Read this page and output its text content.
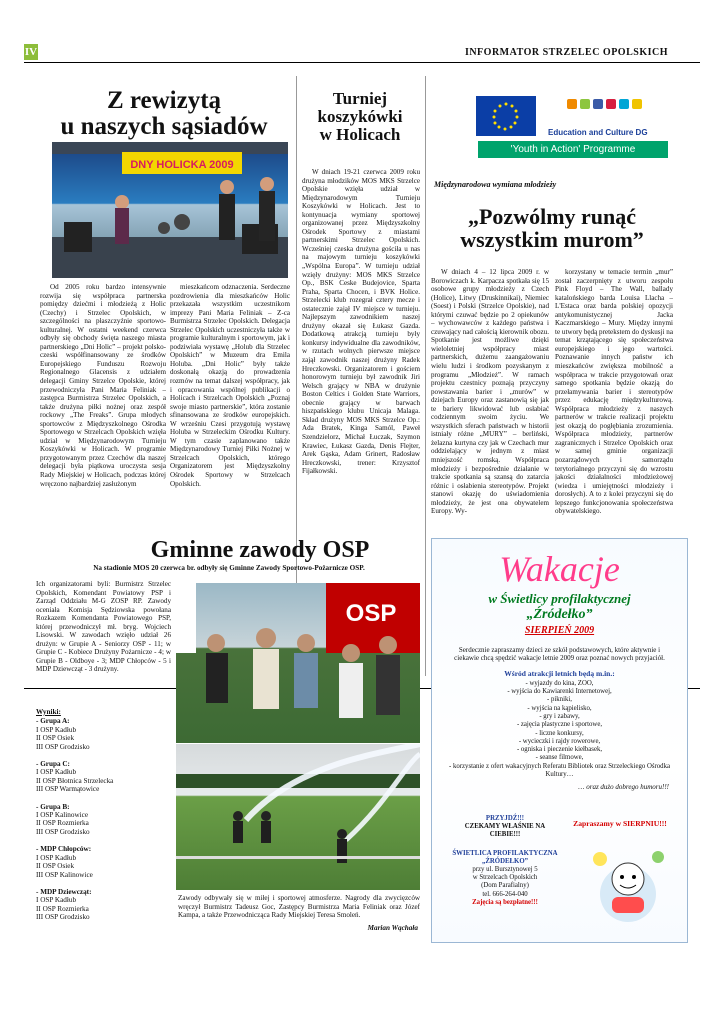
IV	INFORMATOR STRZELEC OPOLSKICH
Z rewizytą
u naszych sąsiadów
DNY HOLICKA 2009

Od 2005 roku bardzo intensywnie rozwija się współpraca partnerska pomiędzy dziećmi i młodzieżą z Holic (Czechy) i Strzelec Opolskich, w szczególności na płaszczyźnie sportowo-kulturalnej. W ostatni weekend czerwca odbyły się obchody święta naszego miasta partnerskiego „Dni Holic” – projekt polsko-czeski współfinansowany ze środków Europejskiego Funduszu Rozwoju Regionalnego Glacensis z udziałem delegacji Gminy Strzelce Opolskie, której przewodniczyła Pani Maria Feliniak – zastępca Burmistrza Strzelec Opolskich, a także drużyna piłki nożnej oraz zespół rockowy „The Freaks”. Grupa młodych sportowców z Międzyszkolnego Ośrodka Sportowego w Strzelcach Opolskich wzięła udział w Międzynarodowym Turnieju Koszykówki w Holicach. W programie przygotowanym przez Czechów dla naszej delegacji była piątkowa uroczysta sesja Rady Miejskiej w Holicach, podczas której wręczono najbardziej zasłużonym

mieszkańcom odznaczenia. Serdeczne pozdrowienia dla mieszkańców Holic przekazała wszystkim uczestnikom imprezy Pani Maria Feliniak – Z-ca Burmistrza Strzelec Opolskich. Delegacja Strzelec Opolskich uczestniczyła także w programie kulturalnym i sportowym, jak i podziwiała wystawę „Holub dla Strzelec Opolskich” w Muzeum dra Emila Holuba. „Dni Holic” były także doskonałą okazją do prowadzenia rozmów na temat dalszej współpracy, jak i opracowania wspólnej publikacji o Holicach i Strzelcach Opolskich „Poznaj swoje miasto partnerskie”, która zostanie sfinansowana ze środków europejskich. W wrześniu Czesi przygotują wystawę Holuba w Strzeleckim Ośrodku Kultury. W tym czasie zaplanowano także Międzynarodowy Turniej Piłki Nożnej w Strzelcach Opolskich, którego Organizatorem jest Międzyszkolny Ośrodek Sportowy w Strzelcach Opolskich.

Turniej
koszykówki
w Holicach

W dniach 19-21 czerwca 2009 roku drużyna młodzików MOS MKS Strzelce Opolskie wzięła udział w Międzynarodowym Turnieju Koszykówki w Holicach. Jest to kontynuacja wymiany sportowej organizowanej przez Międzyszkolny Ośrodek Sportowy z miastami partnerskimi Strzelec Opolskich. Wcześniej czeska drużyna gościła u nas na majowym turnieju koszykówki „Wspólna Europa”. W turnieju udział wzięły drużyny: MOS MKS Strzelce Op., BSK Ceske Budejovice, Sparta Praha, Sparta Chocen, i BVK Holice. Strzelecki klub rozegrał cztery mecze i ostatecznie zajął IV miejsce w turnieju. Najlepszym zawodnikiem naszej drużyny okazał się Łukasz Gazda. Dodatkową atrakcją turnieju były konkursy indywidualne dla zawodników, w rzutach wolnych pierwsze miejsce zajął zawodnik naszej drużyny Radek Hreczkowski. Organizatorem i gościem honorowym turnieju był zawodnik Jiri Welsch grający w NBA w drużynie Boston Celtics i Golden State Warriors, obecnie grający w barwach hiszpańskiego klubu Unicaja Malaga. Skład drużyny MOS MKS Strzelce Op.: Ada Bratek, Kinga Samól, Paweł Szendzielorz, Michał Łuczak, Szymon Krawiec, Łukasz Gazda, Denis Flejter, Arek Gąska, Adam Grinert, Radosław Hreczkowski, trener: Krzysztof Fijałkowski.

Education and Culture DG
'Youth in Action' Programme
Międzynarodowa wymiana młodzieży
„Pozwólmy runąć
wszystkim murom”

W dniach 4 – 12 lipca 2009 r. w Borowiczach k. Karpacza spotkała się 15 osobowe grupy młodzieży z Czech (Holice), Litwy (Druskinnikai), Niemiec (Soest) i Polski (Strzelce Opolskie), nad którymi czuwać będzie po 2 opiekunów – wychowawców z każdego państwa i czuwający nad całością kierownik obozu. Spotkanie jest możliwe dzięki wieloletniej współpracy miast partnerskich, dużemu zaangażowaniu wielu ludzi i środkom pozyskanym z programu „Młodzież”. W ramach projektu czestnicy poznają przyczyny powstawania barier i „murów” w dziejach Europy oraz zastanowią się jak te bariery likwidować lub osłabiać codziennym swoim życiu. We wszystkich sferach państwach w historii istniały różne „MURY” – berliński, żelazna kurtyna czy jak w Czechach mur oddzielający w jednym z miast mniejszość romską. Współpraca młodzieży i bezpośrednie działanie w trakcie spotkania są szansą do zatarcia różnic i osłabienia stereotypów. Projekt stanowi okazję do uświadomienia młodzieży, że jest ona obywatelem Europy. Wy-

korzystany w temacie termin „mur” został zaczerpnięty z utworu zespołu Pink Floyd – The Wall, ballady katalońskiego barda Louisa Llacha – L'Estaca oraz barda polskiej opozycji antykomunistycznej Jacka Kaczmarskiego – Mury. Między innymi te utwory będą pretekstem do dyskusji na temat krzątającego się społeczeństwa europejskiego i jego wartości. Poznawanie innych państw ich mieszkańców zwiększa mobilność a współpraca w trakcie przygotowań oraz samego spotkania będzie okazją do przełamywania barier i stereotypów przez edukację międzykulturową. Współpraca młodzieży z naszych partnerów w trakcie realizacji projektu jest okazją do pogłębiania zrozumienia. Współpraca młodzieży, partnerów zagranicznych i Strzelce Opolskich oraz w samej gminie organizacji pozarządowych i samorządu terytorialnego przyczyni się do wzrostu jakości działalności młodzieżowej (wiedza i umiejętności młodzieży i dorosłych). A to z kolei przyczyni się do lepszego funkcjonowania społeczeństwa obywatelskiego.

Gminne zawody OSP
Na stadionie MOS 20 czerwca br. odbyły się Gminne Zawody Sportowo-Pożarnicze OSP.

Ich organizatorami byli: Burmistrz Strzelec Opolskich, Komendant Powiatowy PSP i Zarząd Oddziału M-G ZOSP RP. Zawody oceniała Komisja Sędziowska powołana Rozkazem Komendanta Powiatowego PSP, której przewodniczył mł. bryg. Wojciech Lisowski. W zawodach wzięło udział 26 drużyn: w Grupie A - Seniorzy OSP - 11; w Grupie C - Kobiece Drużyny Pożarnicze - 4; w Grupie B - Oldboye - 3; MDP Chłopców - 5 i MDP Dziewcząt - 3 drużyny.

Wyniki:
- Grupa A:
I OSP Kadłub
II OSP Osiek
III OSP Grodzisko
- Grupa C:
I OSP Kadłub
II OSP Błotnica Strzelecka
III OSP Warmątowice
- Grupa B:
I OSP Kalinowice
II OSP Rozmierka
III OSP Grodzisko
- MDP Chłopców:
I OSP Kadłub
II OSP Osiek
III OSP Kalinowice
- MDP Dziewcząt:
I OSP Kadłub
II OSP Rozmierka
III OSP Grodzisko
OSP

Zawody odbywały się w miłej i sportowej atmosferze. Nagrody dla zwycięzców wręczył Burmistrz Tadeusz Goc, Zastępcy Burmistrza Maria Feliniak oraz Józef Kampa, a także Przewodnicząca Rady Miejskiej Teresa Smoleń.

Marian Wąchała
Wakacje
w Świetlicy profilaktycznej
„Źródełko”
SIERPIEŃ 2009
Serdecznie zapraszamy dzieci ze szkół podstawowych, które aktywnie i ciekawie chcą spędzić wakacje letnie 2009 oraz poznać nowych przyjaciół.
Wśród atrakcji letnich będą m.in.:
- wyjazdy do kina, ZOO,
- wyjścia do Kawiarenki Internetowej,
- pikniki,
- wyjścia na kąpielisko,
- gry i zabawy,
- zajęcia plastyczne i sportowe,
- liczne konkursy,
- wycieczki i rajdy rowerowe,
- ogniska i pieczenie kiełbasek,
- seanse filmowe,
- korzystanie z ofert wakacyjnych Referatu Bibliotek oraz Strzeleckiego Ośrodka Kultury…
… oraz dużo dobrego humoru!!!
PRZYJDŹ!!!
CZEKAMY WŁAŚNIE NA CIEBIE!!!
ŚWIETLICA PROFILAKTYCZNA
„ŹRÓDEŁKO”
przy ul. Bursztynowej 5
w Strzelcach Opolskich
(Dom Parafialny)
tel. 666-264-040
Zajęcia są bezpłatne!!!
Zapraszamy w SIERPNIU!!!
